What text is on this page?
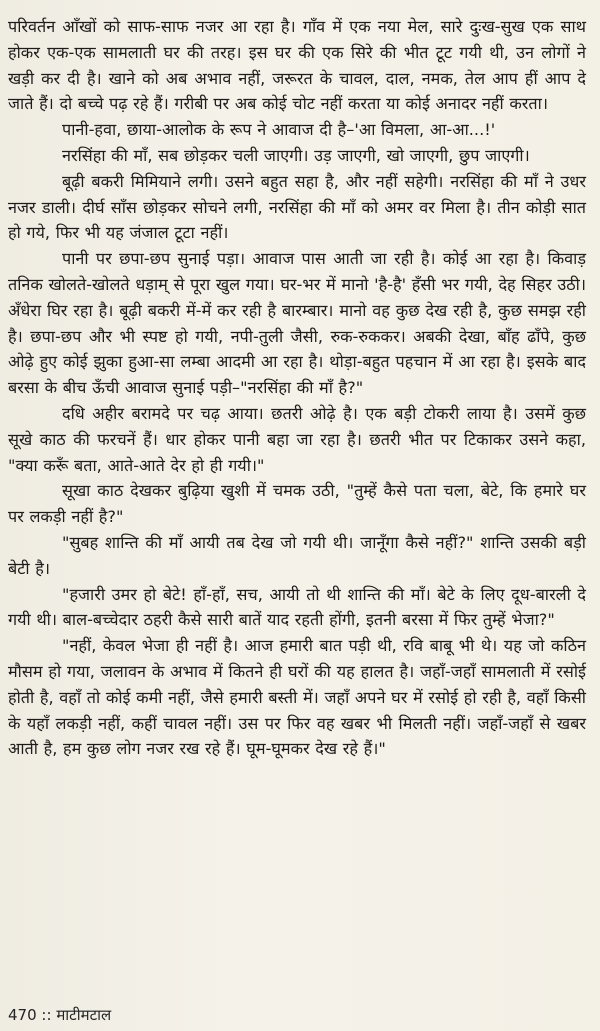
परिवर्तन आँखों को साफ-साफ नजर आ रहा है। गाँव में एक नया मेल, सारे दुःख-सुख एक साथ होकर एक-एक सामलाती घर की तरह। इस घर की एक सिरे की भीत टूट गयी थी, उन लोगों ने खड़ी कर दी है। खाने को अब अभाव नहीं, जरूरत के चावल, दाल, नमक, तेल आप हीं आप दे जाते हैं। दो बच्चे पढ़ रहे हैं। गरीबी पर अब कोई चोट नहीं करता या कोई अनादर नहीं करता।

पानी-हवा, छाया-आलोक के रूप ने आवाज दी है–'आ विमला, आ-आ...!'

नरसिंहा की माँ, सब छोड़कर चली जाएगी। उड़ जाएगी, खो जाएगी, छुप जाएगी।

बूढ़ी बकरी मिमियाने लगी। उसने बहुत सहा है, और नहीं सहेगी। नरसिंहा की माँ ने उधर नजर डाली। दीर्घ साँस छोड़कर सोचने लगी, नरसिंहा की माँ को अमर वर मिला है। तीन कोड़ी सात हो गये, फिर भी यह जंजाल टूटा नहीं।

पानी पर छपा-छप सुनाई पड़ा। आवाज पास आती जा रही है। कोई आ रहा है। किवाड़ तनिक खोलते-खोलते धड़ाम् से पूरा खुल गया। घर-भर में मानो 'है-है' हँसी भर गयी, देह सिहर उठी। अँधेरा घिर रहा है। बूढ़ी बकरी में-में कर रही है बारम्बार। मानो वह कुछ देख रही है, कुछ समझ रही है। छपा-छप और भी स्पष्ट हो गयी, नपी-तुली जैसी, रुक-रुककर। अबकी देखा, बाँह ढाँपे, कुछ ओढ़े हुए कोई झुका हुआ-सा लम्बा आदमी आ रहा है। थोड़ा-बहुत पहचान में आ रहा है। इसके बाद बरसा के बीच ऊँची आवाज सुनाई पड़ी–"नरसिंहा की माँ है?"

दधि अहीर बरामदे पर चढ़ आया। छतरी ओढ़े है। एक बड़ी टोकरी लाया है। उसमें कुछ सूखे काठ की फरचनें हैं। धार होकर पानी बहा जा रहा है। छतरी भीत पर टिकाकर उसने कहा, "क्या करूँ बता, आते-आते देर हो ही गयी।"

सूखा काठ देखकर बुढ़िया खुशी में चमक उठी, "तुम्हें कैसे पता चला, बेटे, कि हमारे घर पर लकड़ी नहीं है?"

"सुबह शान्ति की माँ आयी तब देख जो गयी थी। जानूँगा कैसे नहीं?" शान्ति उसकी बड़ी बेटी है।

"हजारी उमर हो बेटे! हाँ-हाँ, सच, आयी तो थी शान्ति की माँ। बेटे के लिए दूध-बारली दे गयी थी। बाल-बच्चेदार ठहरी कैसे सारी बातें याद रहती होंगी, इतनी बरसा में फिर तुम्हें भेजा?"

"नहीं, केवल भेजा ही नहीं है। आज हमारी बात पड़ी थी, रवि बाबू भी थे। यह जो कठिन मौसम हो गया, जलावन के अभाव में कितने ही घरों की यह हालत है। जहाँ-जहाँ सामलाती में रसोई होती है, वहाँ तो कोई कमी नहीं, जैसे हमारी बस्ती में। जहाँ अपने घर में रसोई हो रही है, वहाँ किसी के यहाँ लकड़ी नहीं, कहीं चावल नहीं। उस पर फिर वह खबर भी मिलती नहीं। जहाँ-जहाँ से खबर आती है, हम कुछ लोग नजर रख रहे हैं। घूम-घूमकर देख रहे हैं।"

470 :: माटीमटाल
